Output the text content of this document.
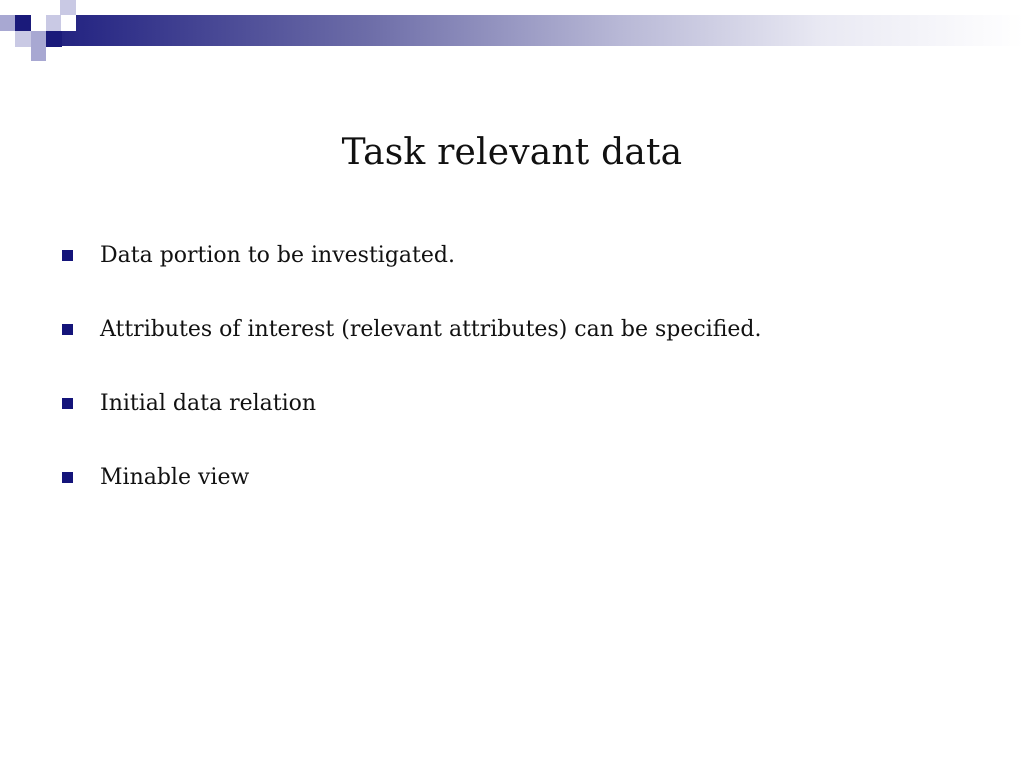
Task relevant data
Data portion to be investigated.
Attributes of interest (relevant attributes) can be specified.
Initial data relation
Minable view
